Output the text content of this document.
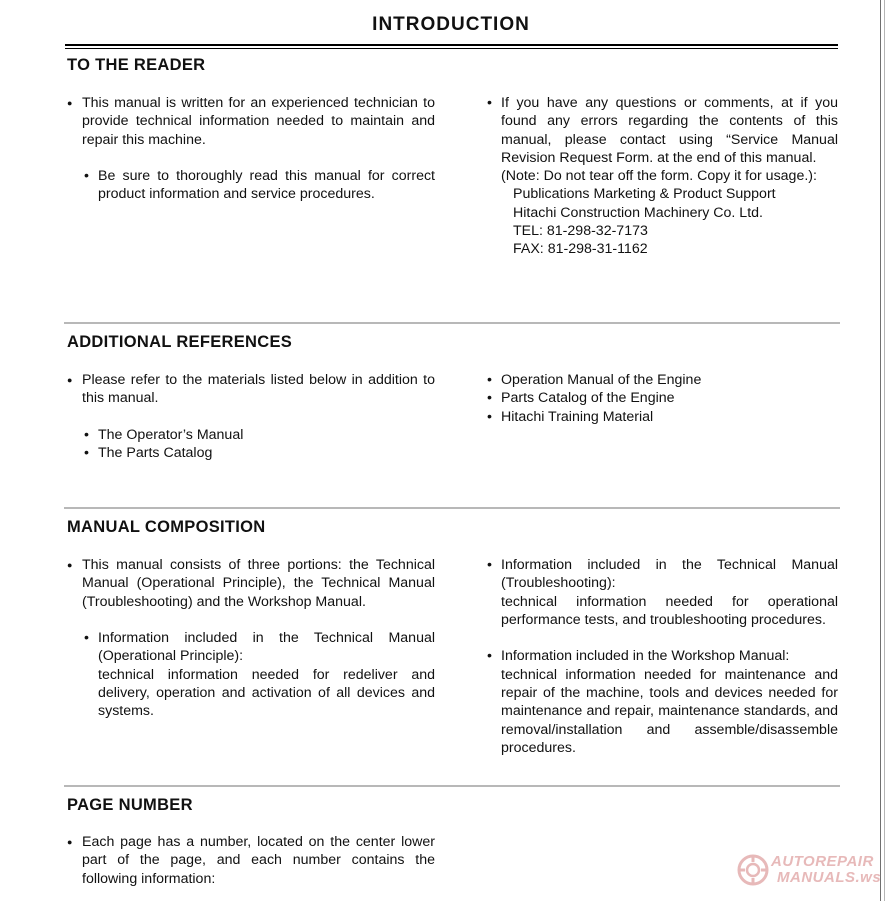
INTRODUCTION
TO THE READER
● This manual is written for an experienced technician to provide technical information needed to maintain and repair this machine.
• Be sure to thoroughly read this manual for correct product information and service procedures.
• If you have any questions or comments, at if you found any errors regarding the contents of this manual, please contact using “Service Manual Revision Request Form. at the end of this manual.
(Note: Do not tear off the form. Copy it for usage.):
Publications Marketing & Product Support
Hitachi Construction Machinery Co. Ltd.
TEL: 81-298-32-7173
FAX: 81-298-31-1162
ADDITIONAL REFERENCES
● Please refer to the materials listed below in addition to this manual.
• The Operator’s Manual
• The Parts Catalog
• Operation Manual of the Engine
• Parts Catalog of the Engine
• Hitachi Training Material
MANUAL COMPOSITION
● This manual consists of three portions: the Technical Manual (Operational Principle), the Technical Manual (Troubleshooting) and the Workshop Manual.
• Information included in the Technical Manual (Operational Principle):
technical information needed for redeliver and delivery, operation and activation of all devices and systems.
• Information included in the Technical Manual (Troubleshooting):
technical information needed for operational performance tests, and troubleshooting procedures.
• Information included in the Workshop Manual:
technical information needed for maintenance and repair of the machine, tools and devices needed for maintenance and repair, maintenance standards, and removal/installation and assemble/disassemble procedures.
PAGE NUMBER
● Each page has a number, located on the center lower part of the page, and each number contains the following information:
AUTOREPAIR
MANUALS.ws
